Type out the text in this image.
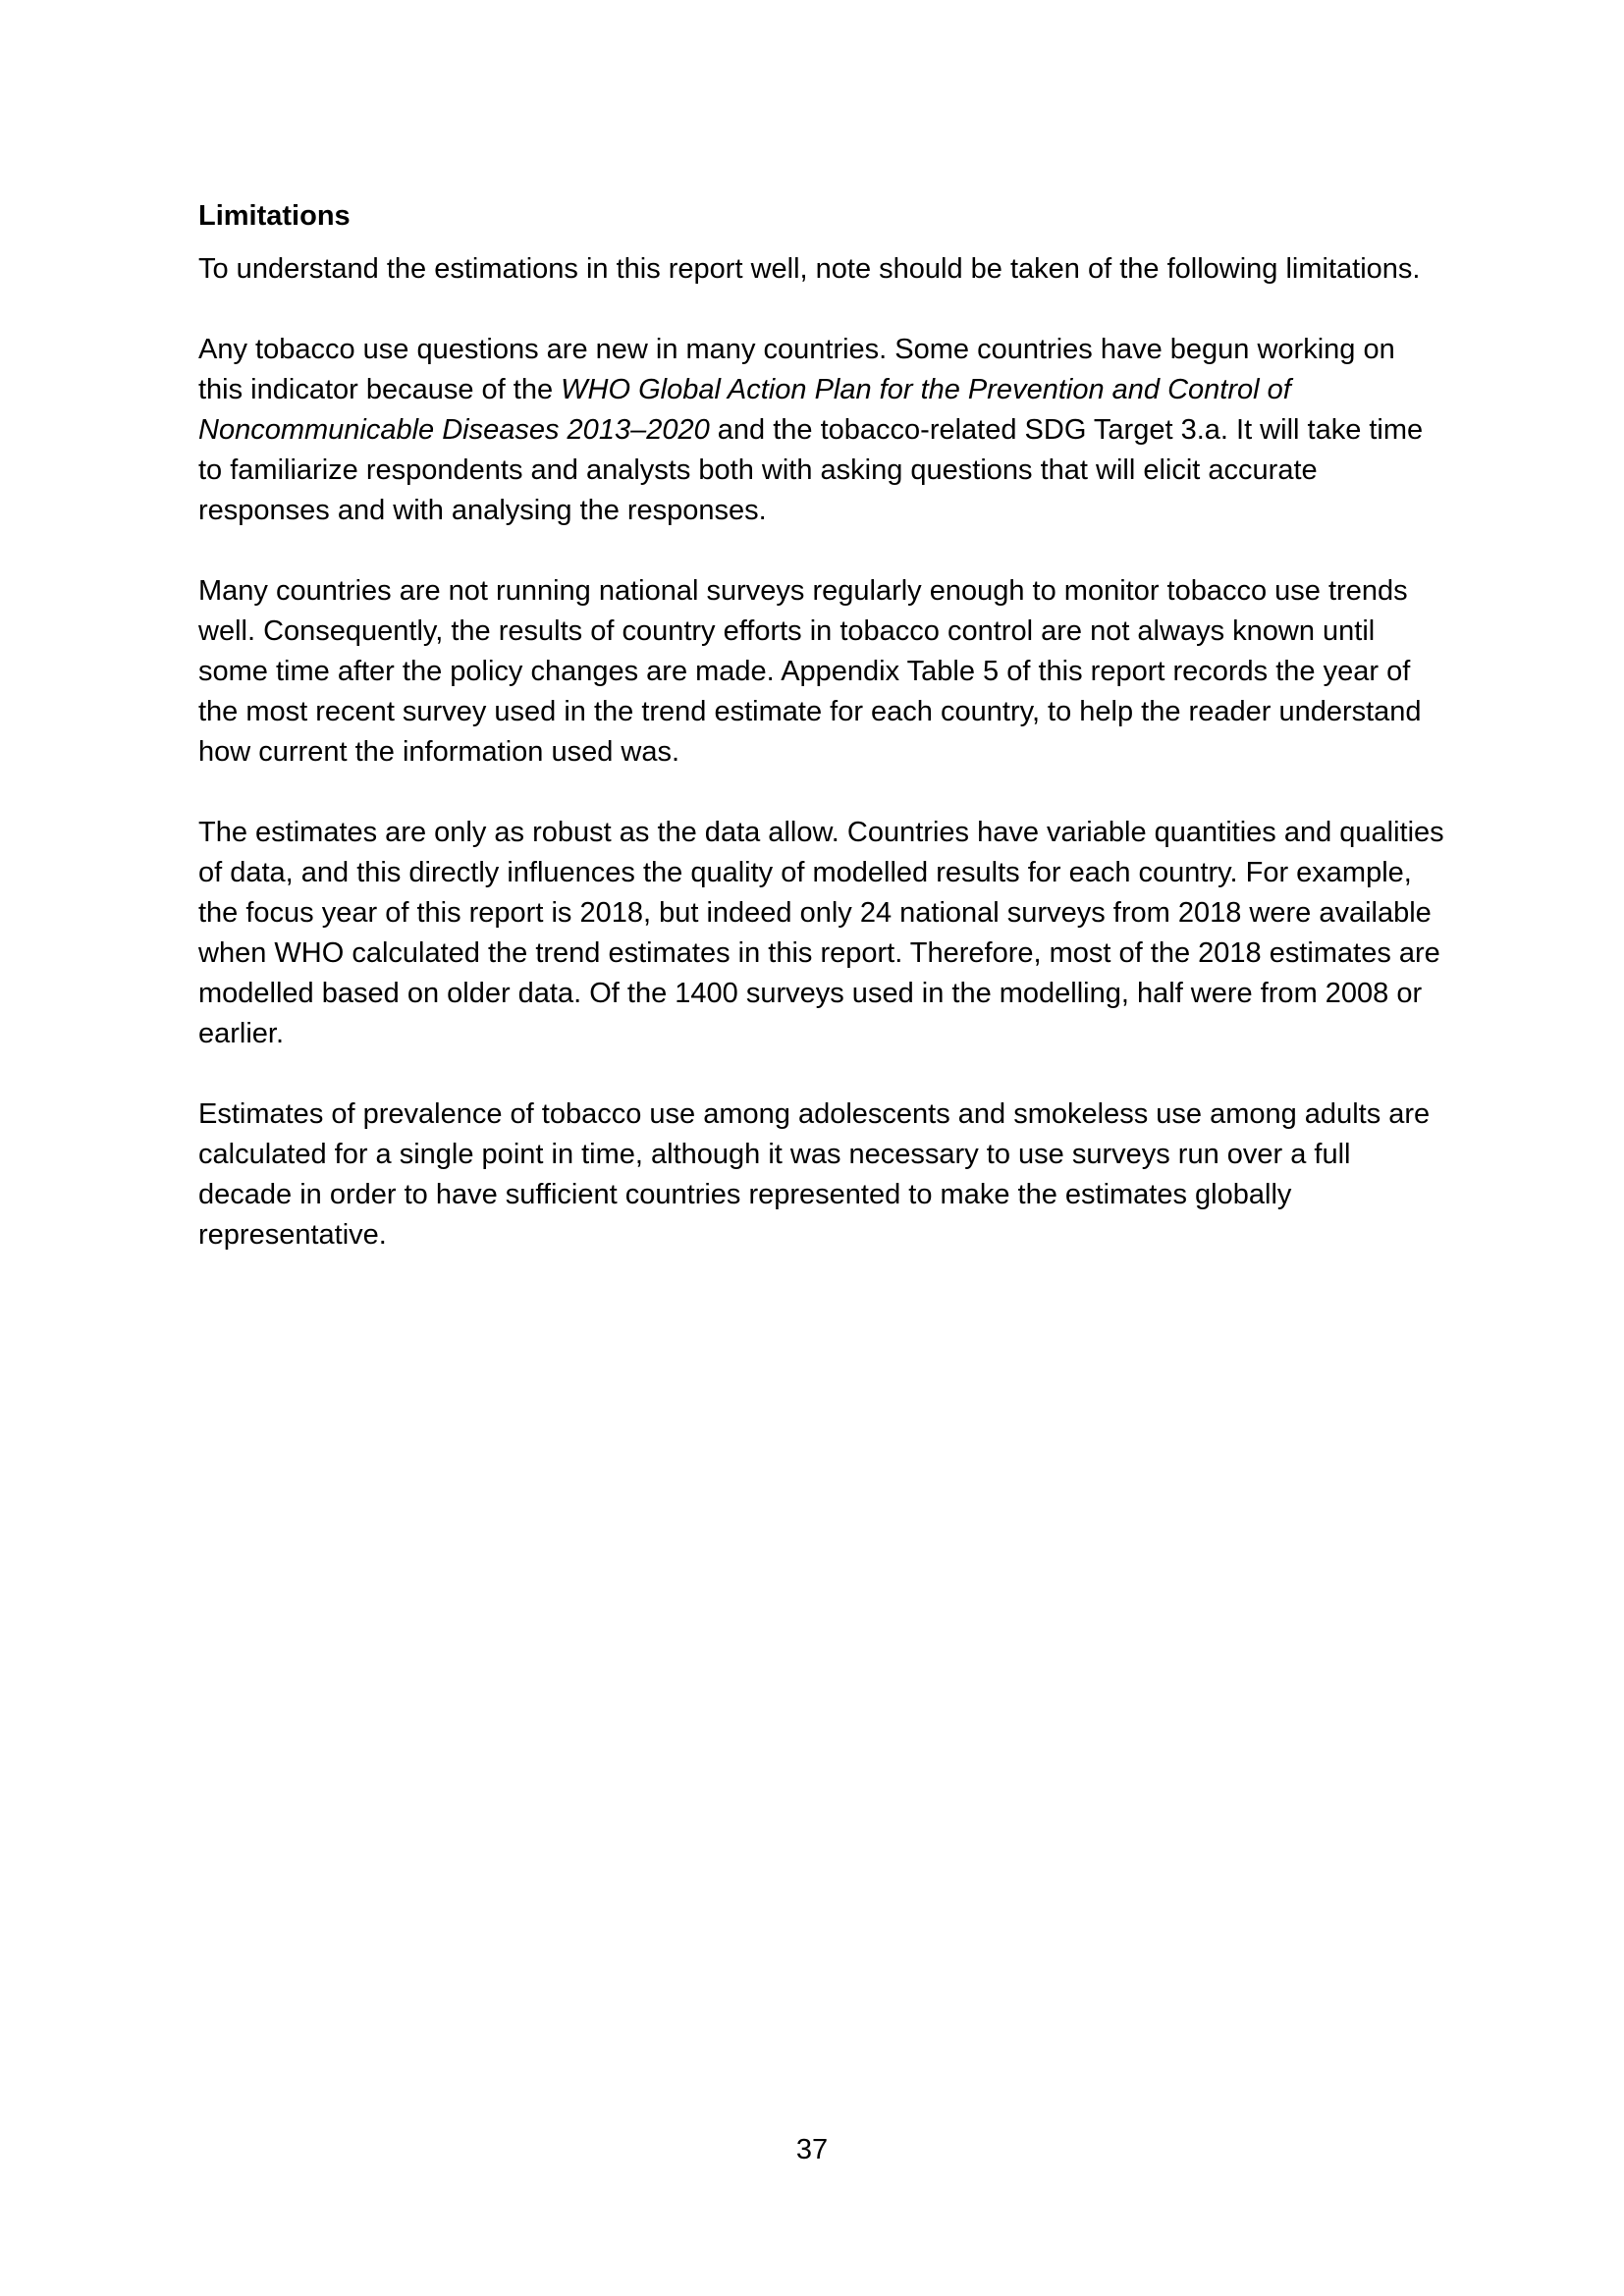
Limitations

To understand the estimations in this report well, note should be taken of the following limitations.

Any tobacco use questions are new in many countries. Some countries have begun working on this indicator because of the WHO Global Action Plan for the Prevention and Control of Noncommunicable Diseases 2013–2020 and the tobacco-related SDG Target 3.a. It will take time to familiarize respondents and analysts both with asking questions that will elicit accurate responses and with analysing the responses.

Many countries are not running national surveys regularly enough to monitor tobacco use trends well. Consequently, the results of country efforts in tobacco control are not always known until some time after the policy changes are made. Appendix Table 5 of this report records the year of the most recent survey used in the trend estimate for each country, to help the reader understand how current the information used was.

The estimates are only as robust as the data allow. Countries have variable quantities and qualities of data, and this directly influences the quality of modelled results for each country. For example, the focus year of this report is 2018, but indeed only 24 national surveys from 2018 were available when WHO calculated the trend estimates in this report. Therefore, most of the 2018 estimates are modelled based on older data. Of the 1400 surveys used in the modelling, half were from 2008 or earlier.

Estimates of prevalence of tobacco use among adolescents and smokeless use among adults are calculated for a single point in time, although it was necessary to use surveys run over a full decade in order to have sufficient countries represented to make the estimates globally representative.

37
